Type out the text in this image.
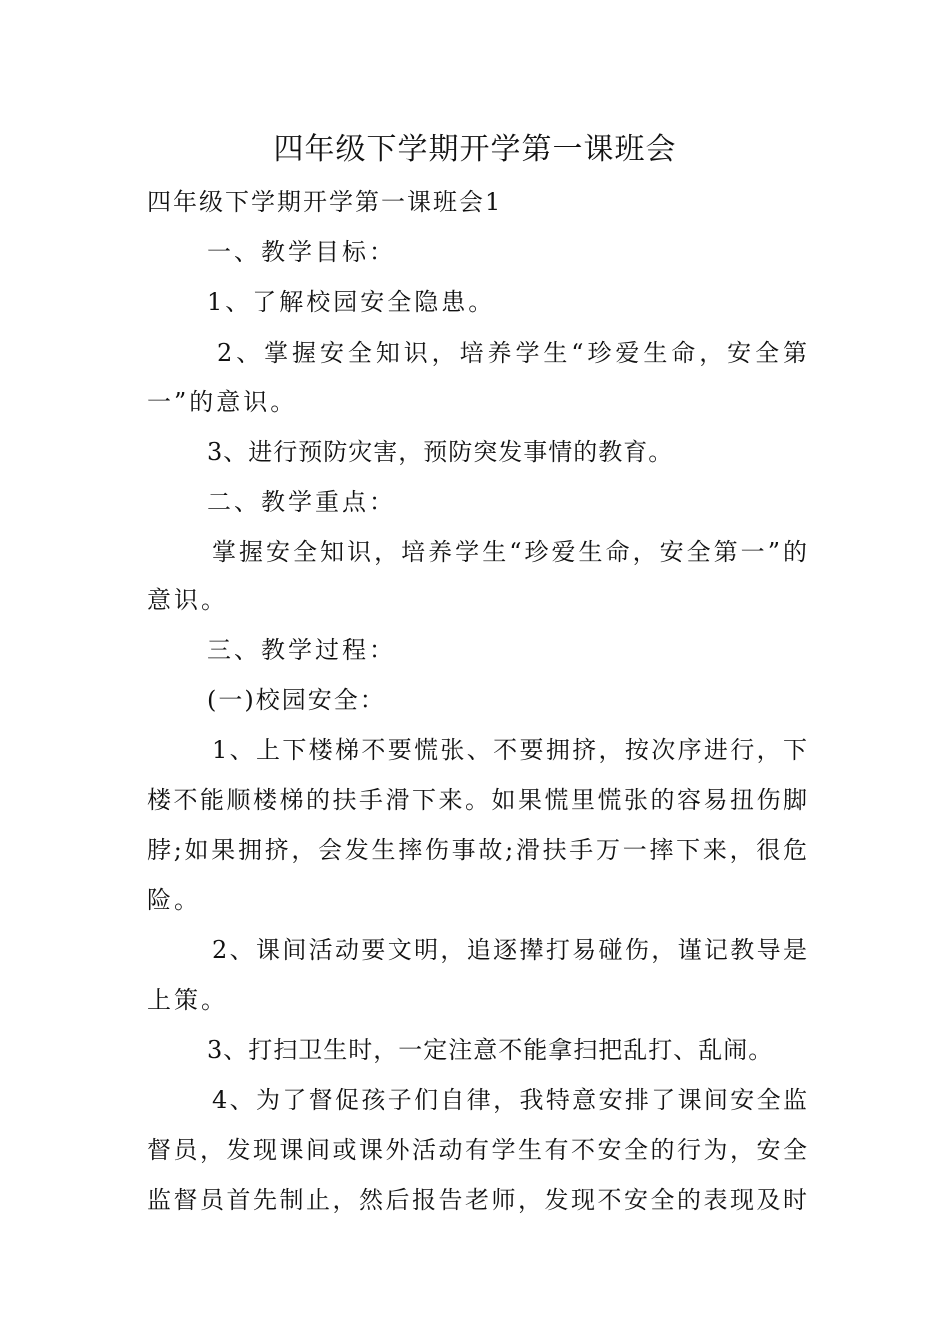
四年级下学期开学第一课班会
四年级下学期开学第一课班会1
一、教学目标：
1、了解校园安全隐患。
2、掌握安全知识，培养学生“珍爱生命，安全第
一”的意识。
3、进行预防灾害，预防突发事情的教育。
二、教学重点：
掌握安全知识，培养学生“珍爱生命，安全第一”的
意识。
三、教学过程：
(一)校园安全：
1、上下楼梯不要慌张、不要拥挤，按次序进行，下
楼不能顺楼梯的扶手滑下来。如果慌里慌张的容易扭伤脚
脖;如果拥挤，会发生摔伤事故;滑扶手万一摔下来，很危
险。
2、课间活动要文明，追逐撵打易碰伤，谨记教导是
上策。
3、打扫卫生时，一定注意不能拿扫把乱打、乱闹。
4、为了督促孩子们自律，我特意安排了课间安全监
督员，发现课间或课外活动有学生有不安全的行为，安全
监督员首先制止，然后报告老师，发现不安全的表现及时
